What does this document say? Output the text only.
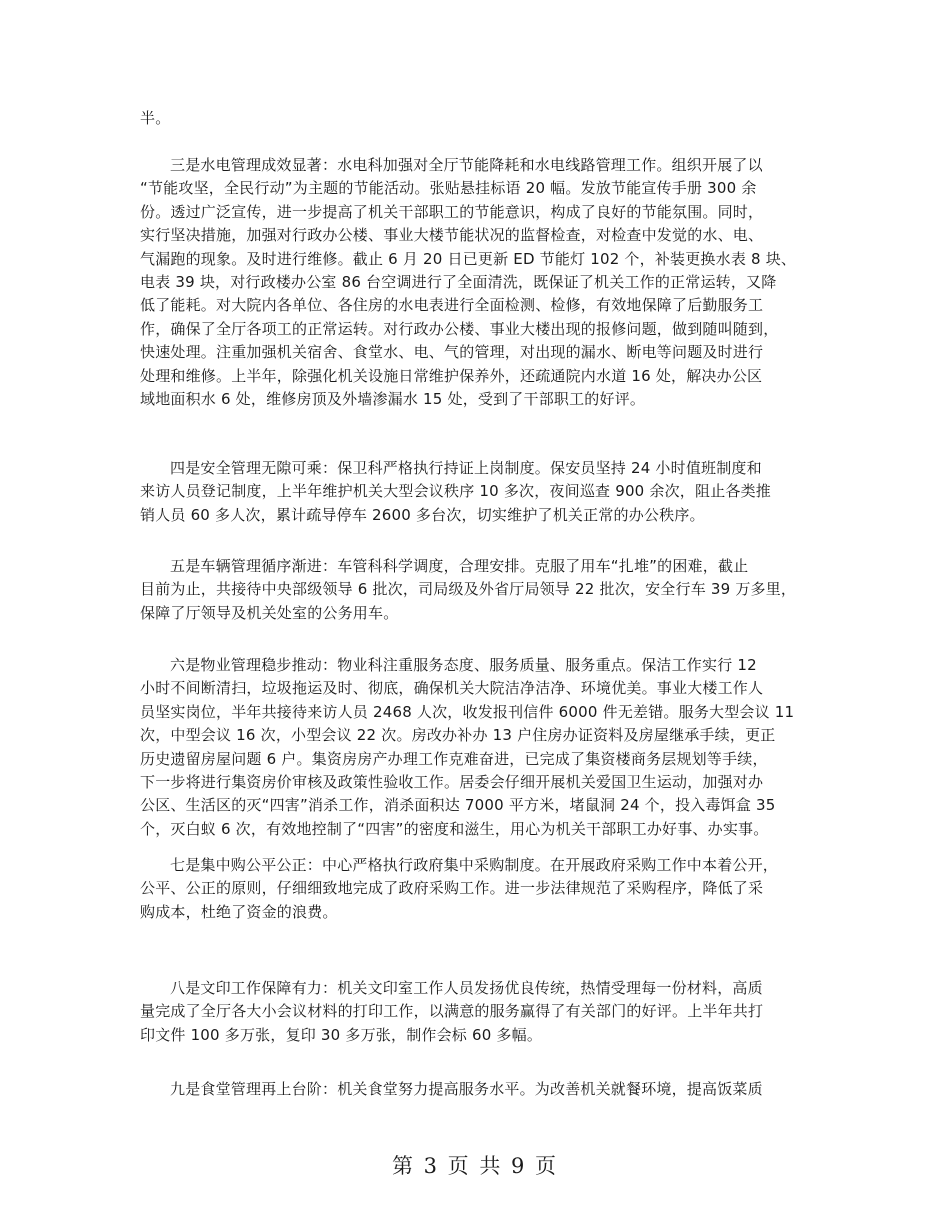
半。
三是水电管理成效显著：水电科加强对全厅节能降耗和水电线路管理工作。组织开展了以
“节能攻坚，全民行动”为主题的节能活动。张贴悬挂标语 20 幅。发放节能宣传手册 300 余
份。透过广泛宣传，进一步提高了机关干部职工的节能意识，构成了良好的节能氛围。同时，
实行坚决措施，加强对行政办公楼、事业大楼节能状况的监督检查，对检查中发觉的水、电、
气漏跑的现象。及时进行维修。截止 6 月 20 日已更新 ED 节能灯 102 个，补装更换水表 8 块、
电表 39 块，对行政楼办公室 86 台空调进行了全面清洗，既保证了机关工作的正常运转，又降
低了能耗。对大院内各单位、各住房的水电表进行全面检测、检修，有效地保障了后勤服务工
作，确保了全厅各项工的正常运转。对行政办公楼、事业大楼出现的报修问题，做到随叫随到，
快速处理。注重加强机关宿舍、食堂水、电、气的管理，对出现的漏水、断电等问题及时进行
处理和维修。上半年，除强化机关设施日常维护保养外，还疏通院内水道 16 处，解决办公区
域地面积水 6 处，维修房顶及外墙渗漏水 15 处，受到了干部职工的好评。
四是安全管理无隙可乘：保卫科严格执行持证上岗制度。保安员坚持 24 小时值班制度和
来访人员登记制度，上半年维护机关大型会议秩序 10 多次，夜间巡查 900 余次，阻止各类推
销人员 60 多人次，累计疏导停车 2600 多台次，切实维护了机关正常的办公秩序。
五是车辆管理循序渐进：车管科科学调度，合理安排。克服了用车“扎堆”的困难，截止
目前为止，共接待中央部级领导 6 批次，司局级及外省厅局领导 22 批次，安全行车 39 万多里，
保障了厅领导及机关处室的公务用车。
六是物业管理稳步推动：物业科注重服务态度、服务质量、服务重点。保洁工作实行 12
小时不间断清扫，垃圾拖运及时、彻底，确保机关大院洁净洁净、环境优美。事业大楼工作人
员坚实岗位，半年共接待来访人员 2468 人次，收发报刊信件 6000 件无差错。服务大型会议 11
次，中型会议 16 次，小型会议 22 次。房改办补办 13 户住房办证资料及房屋继承手续，更正
历史遗留房屋问题 6 户。集资房房产办理工作克难奋进，已完成了集资楼商务层规划等手续，
下一步将进行集资房价审核及政策性验收工作。居委会仔细开展机关爱国卫生运动，加强对办
公区、生活区的灭“四害”消杀工作，消杀面积达 7000 平方米，堵鼠洞 24 个，投入毒饵盒 35
个，灭白蚁 6 次，有效地控制了“四害”的密度和滋生，用心为机关干部职工办好事、办实事。
七是集中购公平公正：中心严格执行政府集中采购制度。在开展政府采购工作中本着公开，
公平、公正的原则，仔细细致地完成了政府采购工作。进一步法律规范了采购程序，降低了采
购成本，杜绝了资金的浪费。
八是文印工作保障有力：机关文印室工作人员发扬优良传统，热情受理每一份材料，高质
量完成了全厅各大小会议材料的打印工作，以满意的服务赢得了有关部门的好评。上半年共打
印文件 100 多万张，复印 30 多万张，制作会标 60 多幅。
九是食堂管理再上台阶：机关食堂努力提高服务水平。为改善机关就餐环境，提高饭菜质
第 3 页 共 9 页
